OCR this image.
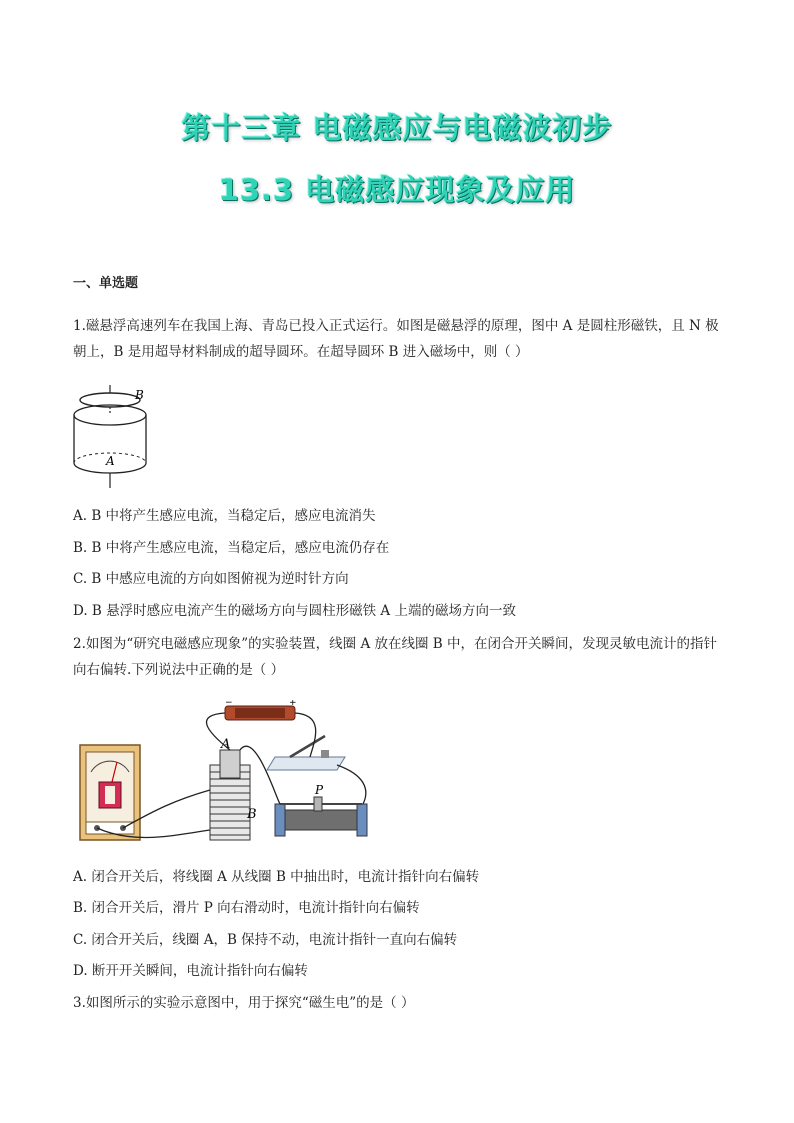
第十三章 电磁感应与电磁波初步
13.3 电磁感应现象及应用
一、单选题
1.磁悬浮高速列车在我国上海、青岛已投入正式运行。如图是磁悬浮的原理，图中 A 是圆柱形磁铁，且 N 极朝上，B 是用超导材料制成的超导圆环。在超导圆环 B 进入磁场中，则（ ）
B
A
A. B 中将产生感应电流，当稳定后，感应电流消失
B. B 中将产生感应电流，当稳定后，感应电流仍存在
C. B 中感应电流的方向如图俯视为逆时针方向
D. B 悬浮时感应电流产生的磁场方向与圆柱形磁铁 A 上端的磁场方向一致
2.如图为“研究电磁感应现象”的实验装置，线圈 A 放在线圈 B 中，在闭合开关瞬间，发现灵敏电流计的指针向右偏转.下列说法中正确的是（ ）
−	+
B
A
P
A. 闭合开关后，将线圈 A 从线圈 B 中抽出时，电流计指针向右偏转
B. 闭合开关后，滑片 P 向右滑动时，电流计指针向右偏转
C. 闭合开关后，线圈 A，B 保持不动，电流计指针一直向右偏转
D. 断开开关瞬间，电流计指针向右偏转
3.如图所示的实验示意图中，用于探究“磁生电”的是（ ）
